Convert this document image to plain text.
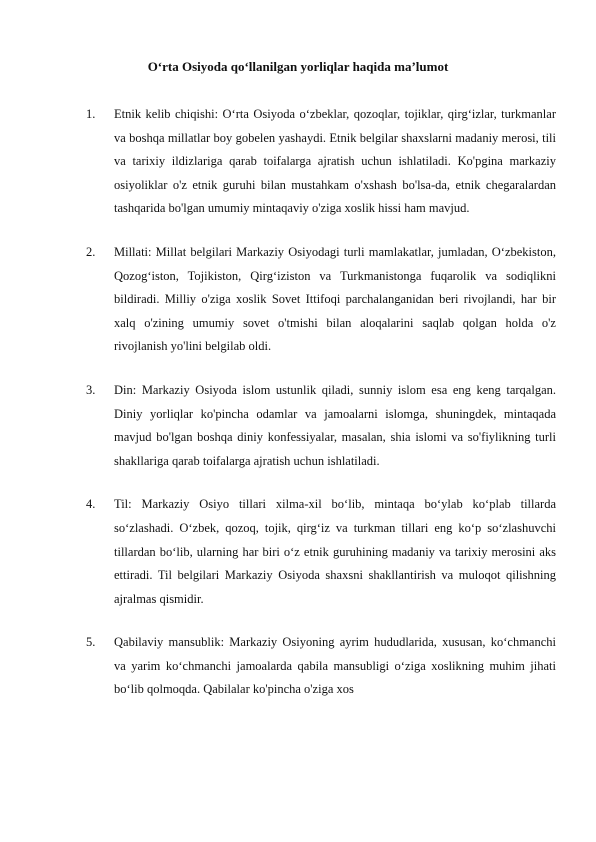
O‘rta Osiyoda qo‘llanilgan yorliqlar haqida ma’lumot

1.	Etnik kelib chiqishi: O‘rta Osiyoda o‘zbeklar, qozoqlar, tojiklar, qirg‘izlar, turkmanlar va boshqa millatlar boy gobelen yashaydi. Etnik belgilar shaxslarni madaniy merosi, tili va tarixiy ildizlariga qarab toifalarga ajratish uchun ishlatiladi. Ko'pgina markaziy osiyoliklar o'z etnik guruhi bilan mustahkam o'xshash bo'lsa-da, etnik chegaralardan tashqarida bo'lgan umumiy mintaqaviy o'ziga xoslik hissi ham mavjud.
2.	Millati: Millat belgilari Markaziy Osiyodagi turli mamlakatlar, jumladan, O‘zbekiston, Qozog‘iston, Tojikiston, Qirg‘iziston va Turkmanistonga fuqarolik va sodiqlikni bildiradi. Milliy o'ziga xoslik Sovet Ittifoqi parchalanganidan beri rivojlandi, har bir xalq o'zining umumiy sovet o'tmishi bilan aloqalarini saqlab qolgan holda o'z rivojlanish yo'lini belgilab oldi.
3.	Din: Markaziy Osiyoda islom ustunlik qiladi, sunniy islom esa eng keng tarqalgan. Diniy yorliqlar ko'pincha odamlar va jamoalarni islomga, shuningdek, mintaqada mavjud bo'lgan boshqa diniy konfessiyalar, masalan, shia islomi va so'fiylikning turli shakllariga qarab toifalarga ajratish uchun ishlatiladi.
4.	Til: Markaziy Osiyo tillari xilma-xil bo‘lib, mintaqa bo‘ylab ko‘plab tillarda so‘zlashadi. O‘zbek, qozoq, tojik, qirg‘iz va turkman tillari eng ko‘p so‘zlashuvchi tillardan bo‘lib, ularning har biri o‘z etnik guruhining madaniy va tarixiy merosini aks ettiradi. Til belgilari Markaziy Osiyoda shaxsni shakllantirish va muloqot qilishning ajralmas qismidir.
5.	Qabilaviy mansublik: Markaziy Osiyoning ayrim hududlarida, xususan, ko‘chmanchi va yarim ko‘chmanchi jamoalarda qabila mansubligi o‘ziga xoslikning muhim jihati bo‘lib qolmoqda. Qabilalar ko'pincha o'ziga xos
